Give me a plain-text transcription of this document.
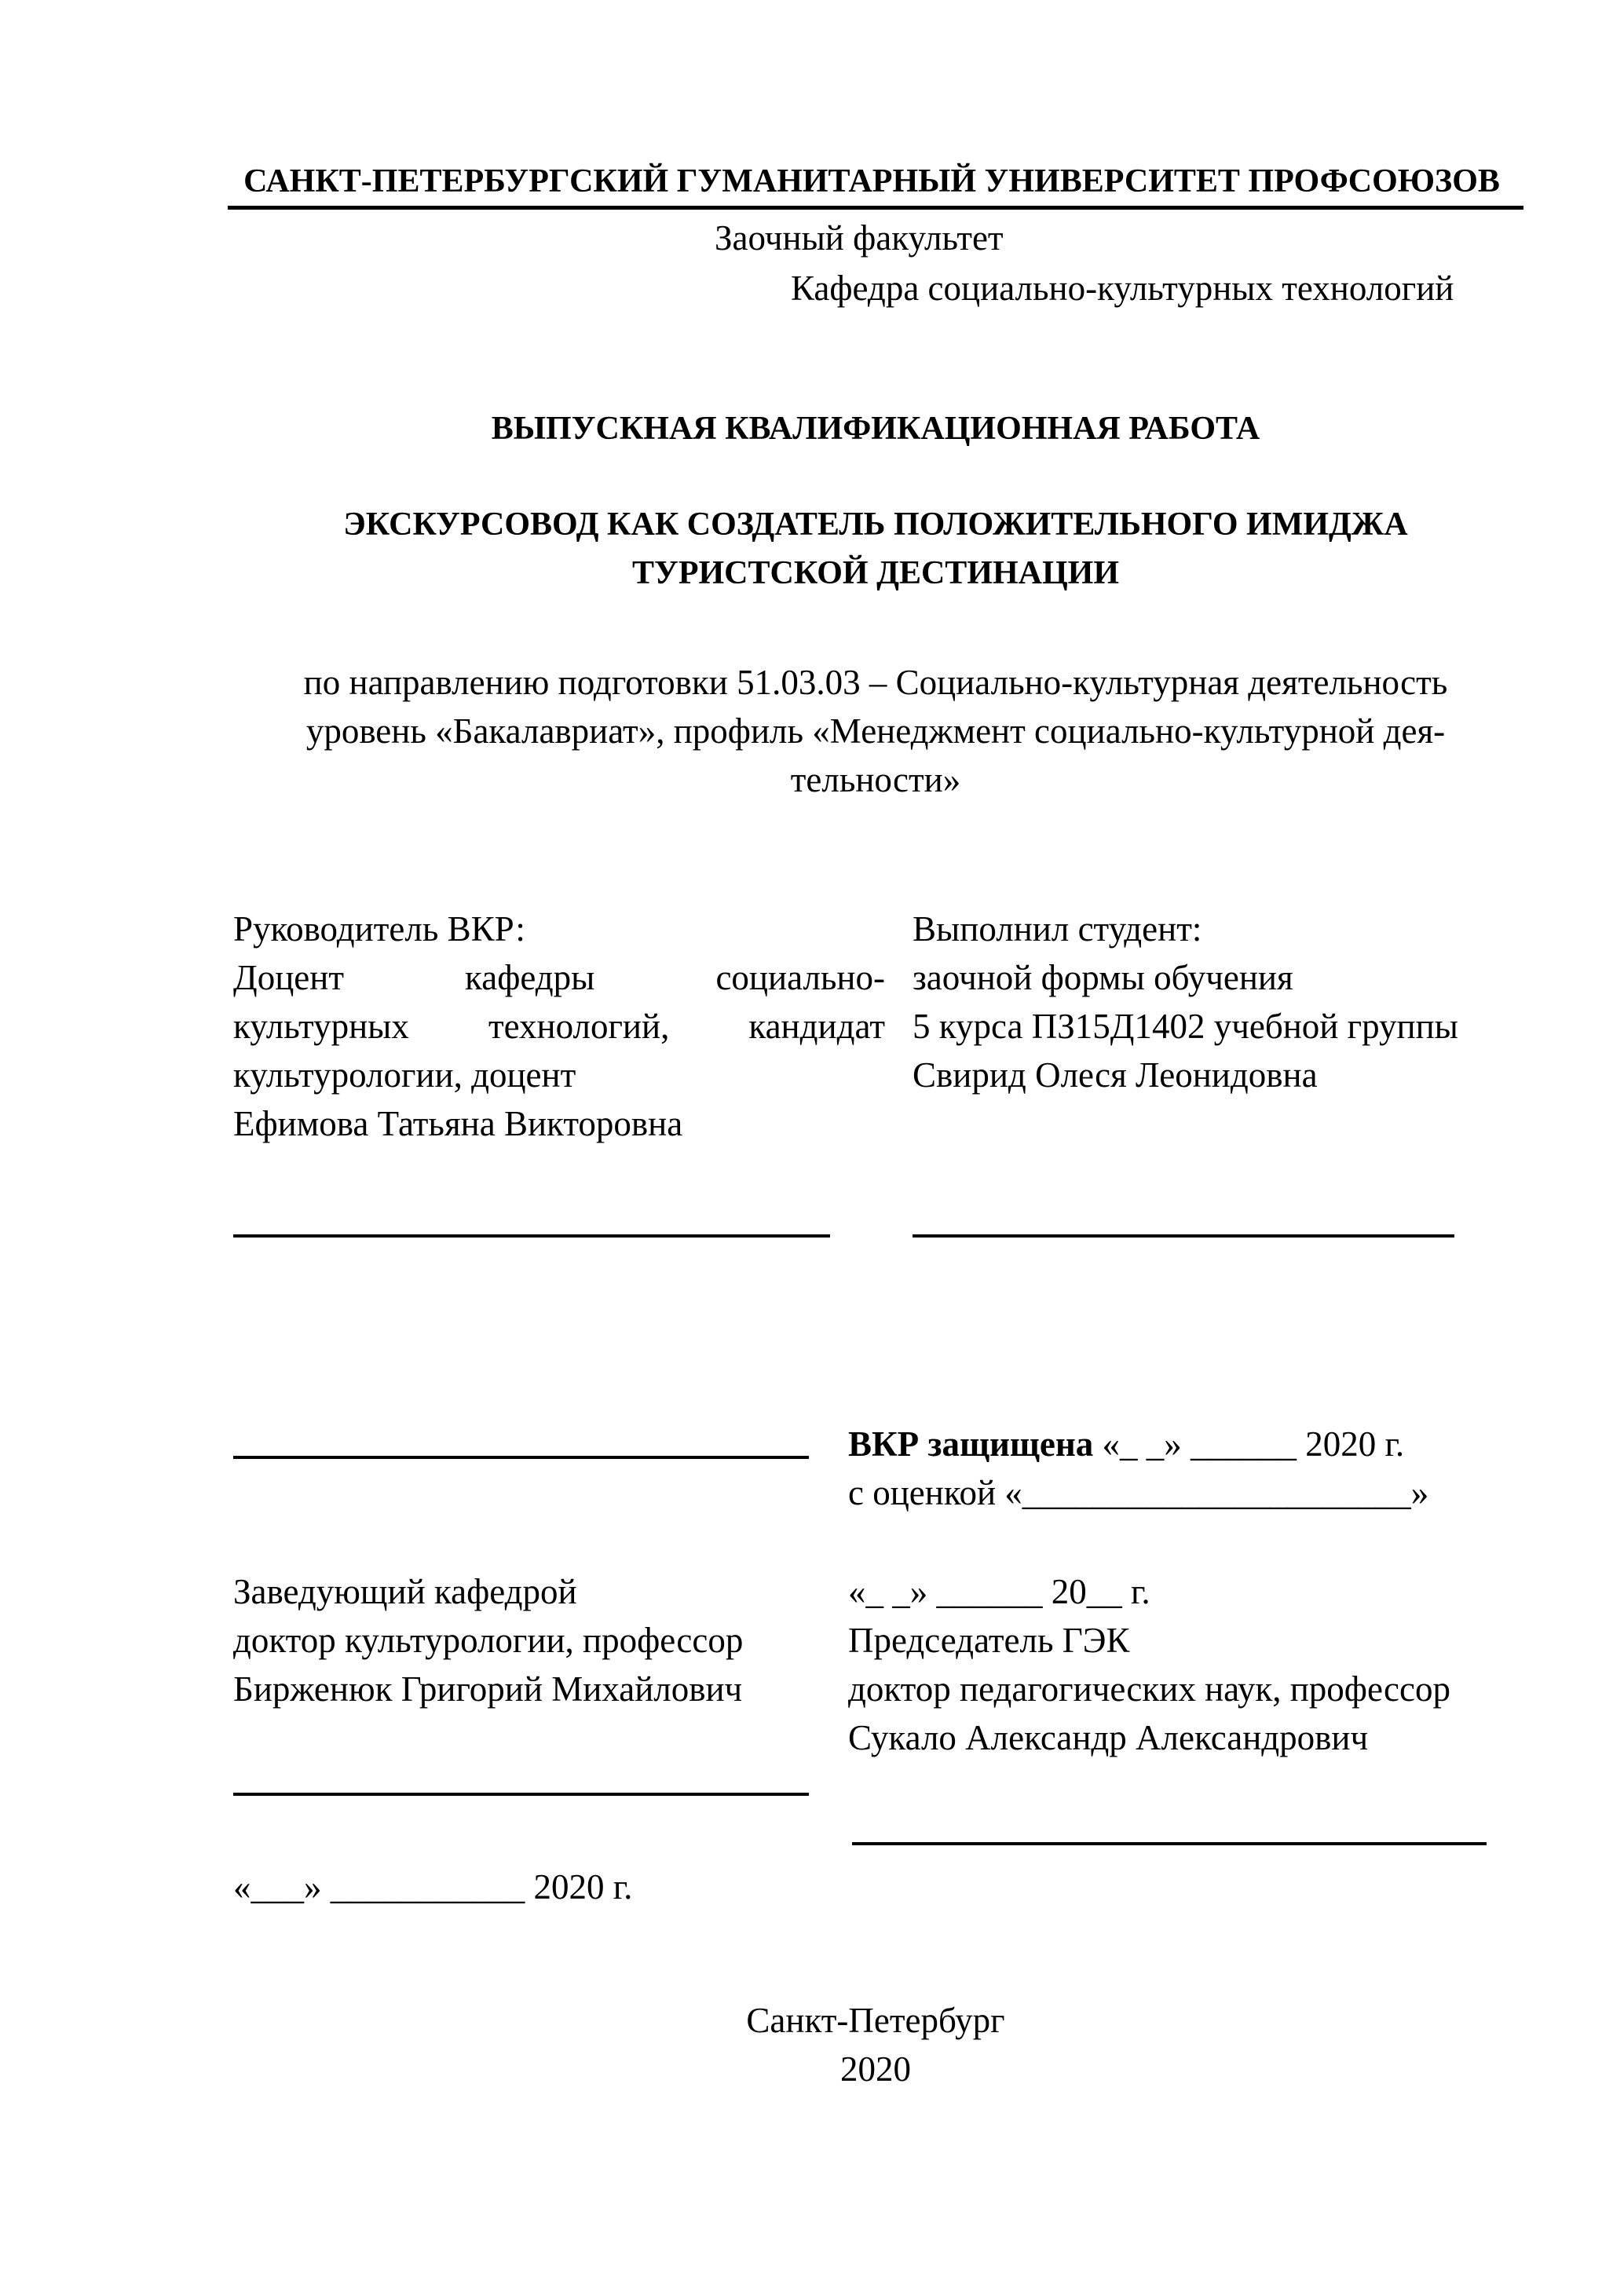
САНКТ-ПЕТЕРБУРГСКИЙ ГУМАНИТАРНЫЙ УНИВЕРСИТЕТ ПРОФСОЮЗОВ
Заочный факультет
Кафедра социально-культурных технологий
ВЫПУСКНАЯ КВАЛИФИКАЦИОННАЯ РАБОТА
ЭКСКУРСОВОД КАК СОЗДАТЕЛЬ ПОЛОЖИТЕЛЬНОГО ИМИДЖА
ТУРИСТСКОЙ ДЕСТИНАЦИИ
по направлению подготовки 51.03.03 – Социально-культурная деятельность
уровень «Бакалавриат», профиль «Менеджмент социально-культурной дея-
тельности»
Руководитель ВКР:
Доцент кафедры социально-
культурных технологий, кандидат
культурологии, доцент
Ефимова Татьяна Викторовна
Выполнил студент:
заочной формы обучения
5 курса ПЗ15Д1402 учебной группы
Свирид Олеся Леонидовна
ВКР защищена «_ _» ______ 2020 г.
с оценкой «______________________»
Заведующий кафедрой
доктор культурологии, профессор
Бирженюк Григорий Михайлович
«___» ___________ 2020 г.
«_ _» ______ 20__ г.
Председатель ГЭК
доктор педагогических наук, профессор
Сукало Александр Александрович
Санкт-Петербург
2020
